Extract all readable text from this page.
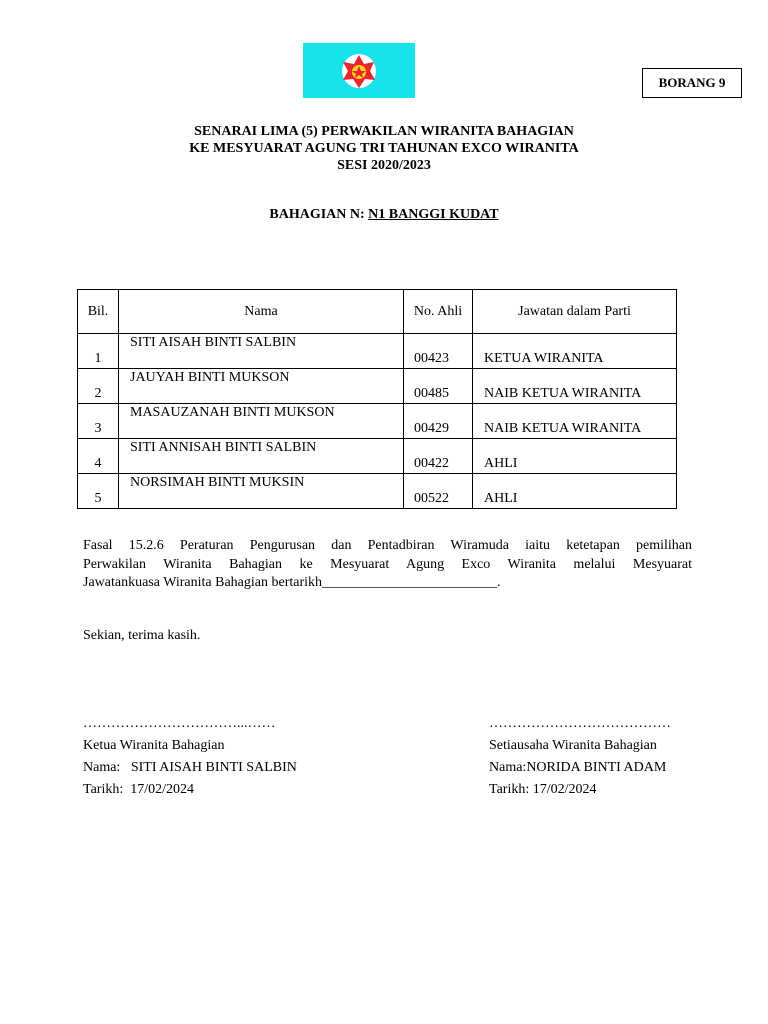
BORANG 9
SENARAI LIMA (5) PERWAKILAN WIRANITA BAHAGIAN
KE MESYUARAT AGUNG TRI TAHUNAN EXCO WIRANITA
SESI 2020/2023
BAHAGIAN N: N1 BANGGI KUDAT
Bil.	Nama	No. Ahli	Jawatan dalam Parti

1	SITI AISAH BINTI SALBIN	00423	KETUA WIRANITA

2	JAUYAH BINTI MUKSON	00485	NAIB KETUA WIRANITA

3	MASAUZANAH BINTI MUKSON	00429	NAIB KETUA WIRANITA

4	SITI ANNISAH BINTI SALBIN	00422	AHLI

5	NORSIMAH BINTI MUKSIN	00522	AHLI
Fasal 15.2.6 Peraturan Pengurusan dan Pentadbiran Wiramuda iaitu ketetapan pemilihan
Perwakilan Wiranita Bahagian ke Mesyuarat Agung Exco Wiranita melalui Mesyuarat
Jawatankuasa Wiranita Bahagian bertarikh_________________________.
Sekian, terima kasih.
……………………………...……
Ketua Wiranita Bahagian
Nama:   SITI AISAH BINTI SALBIN
Tarikh:  17/02/2024
…………………………………
Setiausaha Wiranita Bahagian
Nama:NORIDA BINTI ADAM
Tarikh: 17/02/2024
